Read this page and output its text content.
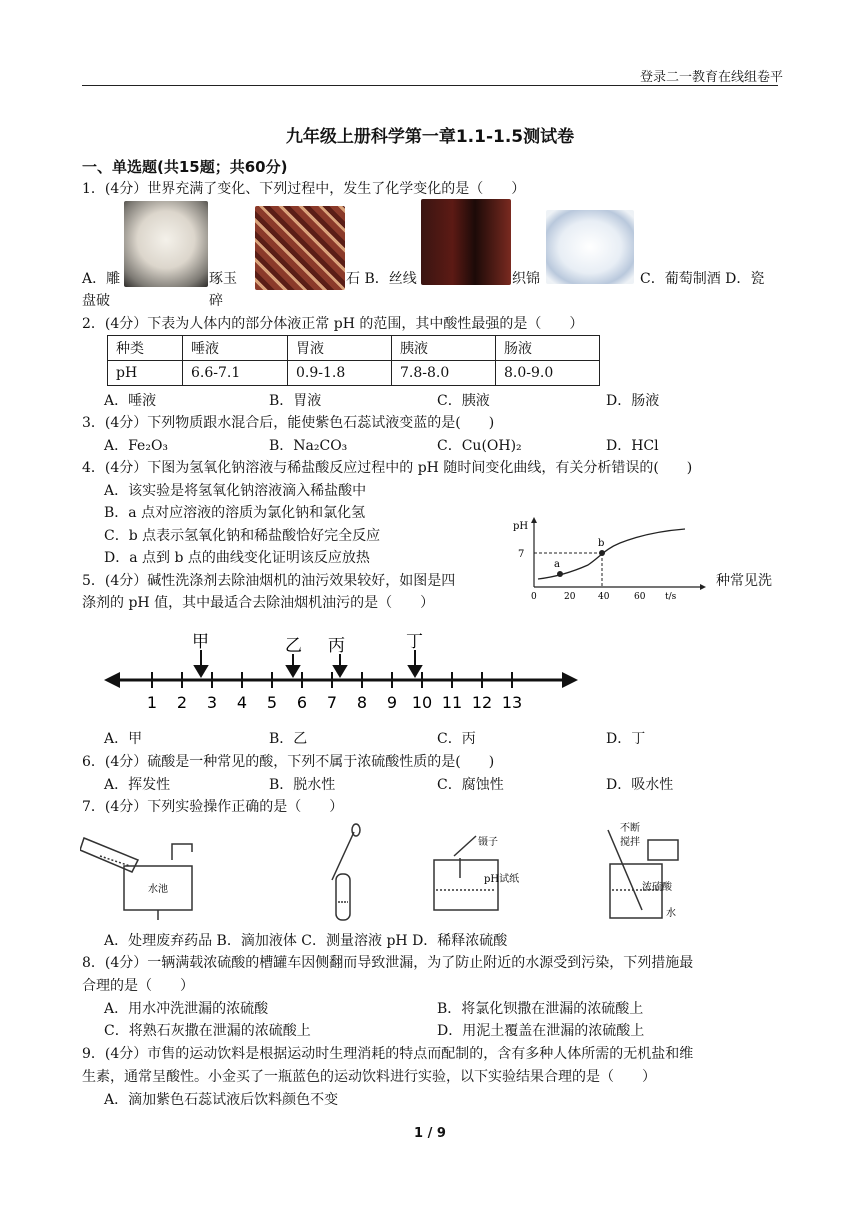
登录二一教育在线组卷平
九年级上册科学第一章1.1-1.5测试卷
一、单选题(共15题；共60分)
1．(4分）世界充满了变化、下列过程中，发生了化学变化的是（　　）
A．雕	琢玉
碎
石 B．丝线	织锦	C．葡萄制酒 D．瓷
盘破
2．(4分）下表为人体内的部分体液正常 pH 的范围，其中酸性最强的是（　　）
种类	唾液	胃液	胰液	肠液
pH	6.6-7.1	0.9-1.8	7.8-8.0	8.0-9.0
A．唾液	B．胃液	C．胰液	D．肠液
3．(4分）下列物质跟水混合后，能使紫色石蕊试液变蓝的是(　　)
A．Fe₂O₃	B．Na₂CO₃	C．Cu(OH)₂	D．HCl
4．(4分）下图为氢氧化钠溶液与稀盐酸反应过程中的 pH 随时间变化曲线，有关分析错误的(　　)
A．该实验是将氢氧化钠溶液滴入稀盐酸中
B．a 点对应溶液的溶质为氯化钠和氯化氢
C．b 点表示氢氧化钠和稀盐酸恰好完全反应
D．a 点到 b 点的曲线变化证明该反应放热
pH
7
a
b
0	20	40	60 t/s
5．(4分）碱性洗涤剂去除油烟机的油污效果较好，如图是四	种常见洗
涤剂的 pH 值，其中最适合去除油烟机油污的是（　　）
1 2 3 4 5 6 7 8 9 10 11 12 13
甲	乙 丙	丁
A．甲	B．乙	C．丙	D．丁
6．(4分）硫酸是一种常见的酸，下列不属于浓硫酸性质的是(　　)
A．挥发性	B．脱水性	C．腐蚀性	D．吸水性
7．(4分）下列实验操作正确的是（　　）
水池
镊子
pH试纸
不断
搅拌
浓硫酸
水
A．处理废弃药品 B．滴加液体 C．测量溶液 pH D．稀释浓硫酸
8．(4分）一辆满载浓硫酸的槽罐车因侧翻而导致泄漏，为了防止附近的水源受到污染，下列措施最
合理的是（　　）
A．用水冲洗泄漏的浓硫酸	B．将氯化钡撒在泄漏的浓硫酸上
C．将熟石灰撒在泄漏的浓硫酸上	D．用泥土覆盖在泄漏的浓硫酸上
9．(4分）市售的运动饮料是根据运动时生理消耗的特点而配制的，含有多种人体所需的无机盐和维
生素，通常呈酸性。小金买了一瓶蓝色的运动饮料进行实验，以下实验结果合理的是（　　）
A．滴加紫色石蕊试液后饮料颜色不变
1 / 9
